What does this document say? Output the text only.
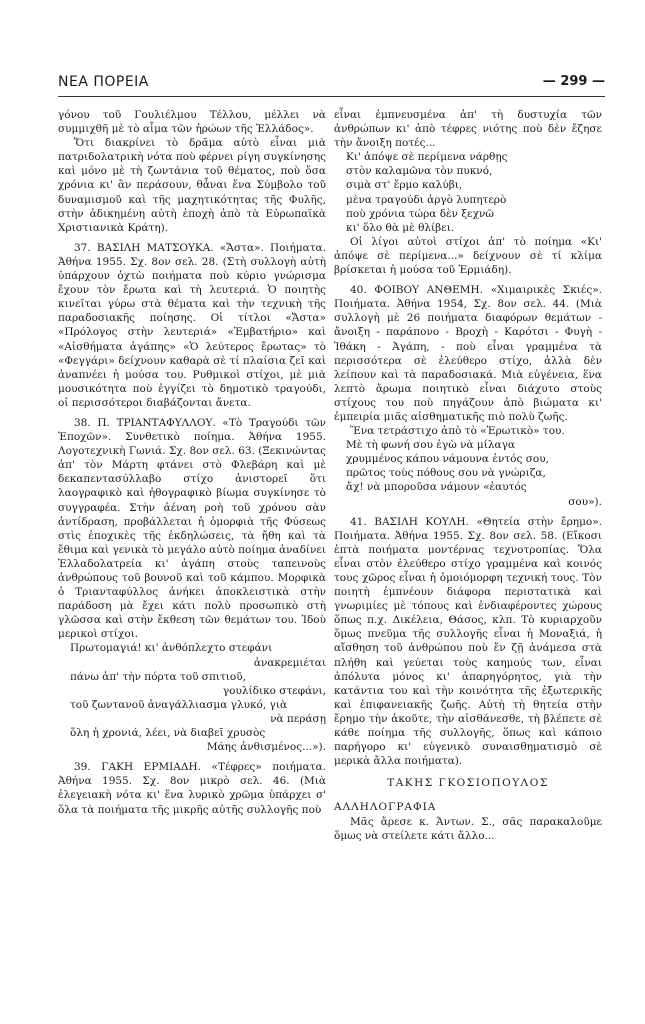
ΝΕΑ ΠΟΡΕΙΑ	— 299 —

γόνου τοῦ Γουλιέλμου Τέλλου, μέλλει νὰ συμμιχθῆ μὲ τὸ αἷμα τῶν ἡρώων τῆς Ἑλλάδος».

Ὅτι διακρίνει τὸ δρᾶμα αὐτὸ εἶναι μιὰ πατριδολατρικὴ νότα ποὺ φέρνει ρίγη συγκίνησης καὶ μόνο μὲ τὴ ζωντάνια τοῦ θέματος, ποὺ ὅσα χρόνια κι' ἂν περάσουν, θἆναι ἕνα Σύμβολο τοῦ δυναμισμοῦ καὶ τῆς μαχητικότητας τῆς Φυλῆς, στὴν ἀδικημένη αὐτὴ ἐποχὴ ἀπὸ τὰ Εὐρωπαϊκὰ Χριστιανικὰ Κράτη).

37. ΒΑΣΙΛΗ ΜΑΤΣΟΥΚΑ. «Ἄστα». Ποιήματα. Ἀθήνα 1955. Σχ. 8ον σελ. 28. (Στὴ συλλογὴ αὐτὴ ὑπάρχουν ὀχτὼ ποιήματα ποὺ κύριο γνώρισμα ἔχουν τὸν ἔρωτα καὶ τὴ λευτεριά. Ὁ ποιητὴς κινεῖται γύρω στὰ θέματα καὶ τὴν τεχνικὴ τῆς παραδοσιακῆς ποίησης. Οἱ τίτλοι «Ἄστα» «Πρόλογος στὴν λευτεριά» «Ἐμβατήριο» καὶ «Αἰσθήματα ἀγάπης» «Ὁ λεύτερος ἔρωτας» τὸ «Φεγγάρι» δείχνουν καθαρὰ σὲ τί πλαίσια ζεῖ καὶ ἀναπνέει ἡ μούσα του. Ρυθμικοὶ στίχοι, μὲ μιὰ μουσικότητα ποὺ ἐγγίζει τὸ δημοτικὸ τραγούδι, οἱ περισσότεροι διαβάζονται ἄνετα.

38. Π. ΤΡΙΑΝΤΑΦΥΛΛΟΥ. «Τὸ Τραγούδι τῶν Ἐποχῶν». Συνθετικὸ ποίημα. Ἀθήνα 1955. Λογοτεχνικὴ Γωνιά. Σχ. 8ον σελ. 63. (Ξεκινώντας ἀπ' τὸν Μάρτη φτάνει στὸ Φλεβάρη καὶ μὲ δεκαπεντασύλλαβο στίχο ἀνιστορεῖ ὅτι λαογραφικὸ καὶ ἠθογραφικὸ βίωμα συγκίνησε τὸ συγγραφέα. Στὴν ἀέναη ροὴ τοῦ χρόνου σὰν ἀντίδραση, προβάλλεται ἡ ὁμορφιὰ τῆς Φύσεως στὶς ἐποχικὲς τῆς ἐκδηλώσεις, τὰ ἤθη καὶ τὰ ἔθιμα καὶ γενικὰ τὸ μεγάλο αὐτὸ ποίημα ἀναδίνει Ἑλλαδολατρεία κι' ἀγάπη στοὺς ταπεινοὺς ἀνθρώπους τοῦ βουνοῦ καὶ τοῦ κάμπου. Μορφικὰ ὁ Τριανταφύλλος ἀνήκει ἀποκλειστικὰ στὴν παράδοση μὰ ἔχει κάτι πολὺ προσωπικὸ στὴ γλῶσσα καὶ στὴν ἔκθεση τῶν θεμάτων του. Ἰδοὺ μερικοὶ στίχοι.

Πρωτομαγιά! κι' ἀνθόπλεχτο στεφάνι

ἀνακρεμιέται

πάνω ἀπ' τὴν πόρτα τοῦ σπιτιοῦ,

γουλίδικο στεφάνι,

τοῦ ζωντανοῦ ἀναγάλλιασμα γλυκό, γιὰ

νὰ περάσῃ

ὅλη ἡ χρονιά, λέει, νὰ διαβεῖ χρυσὸς

Μάης ἀνθισμένος...»).

39. ΓΑΚΗ ΕΡΜΙΑΔΗ. «Τέφρες» ποιήματα. Ἀθήνα 1955. Σχ. 8ον μικρὸ σελ. 46. (Μιὰ ἐλεγειακὴ νότα κι' ἕνα λυρικὸ χρῶμα ὑπάρχει σ' ὅλα τὰ ποιήματα τῆς μικρῆς αὐτῆς συλλογῆς ποὺ

εἶναι ἐμπνευσμένα ἀπ' τὴ δυστυχία τῶν ἀνθρώπων κι' ἀπὸ τέφρες νιότης ποὺ δὲν ἔζησε τὴν ἄνοιξη ποτές...

Κι' ἀπόψε σὲ περίμενα νάρθῃς

στὸν καλαμῶνα τὸν πυκνό,

σιμὰ στ' ἔρμο καλύβι,

μὲνα τραγούδι ἀργὸ λυπητερὸ

ποὺ χρόνια τώρα δὲν ξεχνῶ

κι' ὅλο θὰ μὲ θλίβει.

Οἱ λίγοι αὐτοὶ στίχοι ἀπ' τὸ ποίημα «Κι' ἀπόψε σὲ περίμενα...» δείχνουν σὲ τί κλίμα βρίσκεται ἡ μούσα τοῦ Ἑρμιάδη).

40. ΦΟΙΒΟΥ ΑΝΘΕΜΗ. «Χιμαιρικὲς Σκιές». Ποιήματα. Ἀθήνα 1954, Σχ. 8ον σελ. 44. (Μιὰ συλλογὴ μὲ 26 ποιήματα διαφόρων θεμάτων - ἄνοιξη - παράπονο - Βροχὴ - Καρότσι - Φυγὴ - Ἰθάκη - Ἀγάπη, - ποὺ εἶναι γραμμένα τὰ περισσότερα σὲ ἐλεύθερο στίχο, ἀλλὰ δὲν λείπουν καὶ τὰ παραδοσιακά. Μιὰ εὐγένεια, ἕνα λεπτὸ ἄρωμα ποιητικὸ εἶναι διάχυτο στοὺς στίχους του ποὺ πηγάζουν ἀπὸ βιώματα κι' ἐμπειρία μιᾶς αἰσθηματικῆς πιὸ πολὺ ζωῆς.

Ἕνα τετράστιχο ἀπὸ τὸ «Ἐρωτικὸ» του.

Μὲ τὴ φωνή σου ἐγὼ νὰ μίλαγα

χρυμμένος κάπου νάμουνα ἐντός σου,

πρῶτος τοὺς πόθους σου νὰ γνώριζα,

ἄχ! νὰ μποροῦσα νάμουν «ἑαυτός

σου»).

41. ΒΑΣΙΛΗ ΚΟΥΛΗ. «Θητεία στὴν ἔρημο». Ποιήματα. Ἀθήνα 1955. Σχ. 8ον σελ. 58. (Εἴκοσι ἑπτὰ ποιήματα μοντέρνας τεχνοτροπίας. Ὅλα εἶναι στὸν ἐλεύθερο στίχο γραμμένα καὶ κοινός τους χῶρος εἶναι ἡ ὁμοιόμορφη τεχνική τους. Τὸν ποιητὴ ἐμπνέουν διάφορα περιστατικὰ καὶ γνωριμίες μὲ τόπους καὶ ἐνδιαφέροντες χώρους ὅπως π.χ. Δικέλεια, Θάσος, κλπ. Τὸ κυριαρχοῦν ὅμως πνεῦμα τῆς συλλογῆς εἶναι ἡ Μοναξιά, ἡ αἴσθηση τοῦ ἀνθρώπου ποὺ ἔν ζῇ ἀνάμεσα στὰ πλήθη καὶ γεύεται τοὺς καημούς των, εἶναι ἀπόλυτα μόνος κι' ἀπαρηγόρητος, γιὰ τὴν κατάντια του καὶ τὴν κοινότητα τῆς ἐξωτερικῆς καὶ ἐπιφανειακῆς ζωῆς. Αὐτὴ τὴ θητεία στὴν ἔρημο τὴν ἀκοῦτε, τὴν αἰσθάνεσθε, τὴ βλέπετε σὲ κάθε ποίημα τῆς συλλογῆς, ὅπως καὶ κάποιο παρήγορο κι' εὐγενικὸ συναισθηματισμὸ σὲ μερικὰ ἄλλα ποιήματα).

ΤΑΚΗΣ ΓΚΟΣΙΟΠΟΥΛΟΣ

ΑΛΛΗΛΟΓΡΑΦΙΑ

Μᾶς ἄρεσε κ. Ἀντων. Σ., σᾶς παρακαλοῦμε ὅμως νὰ στείλετε κάτι ἄλλο...
